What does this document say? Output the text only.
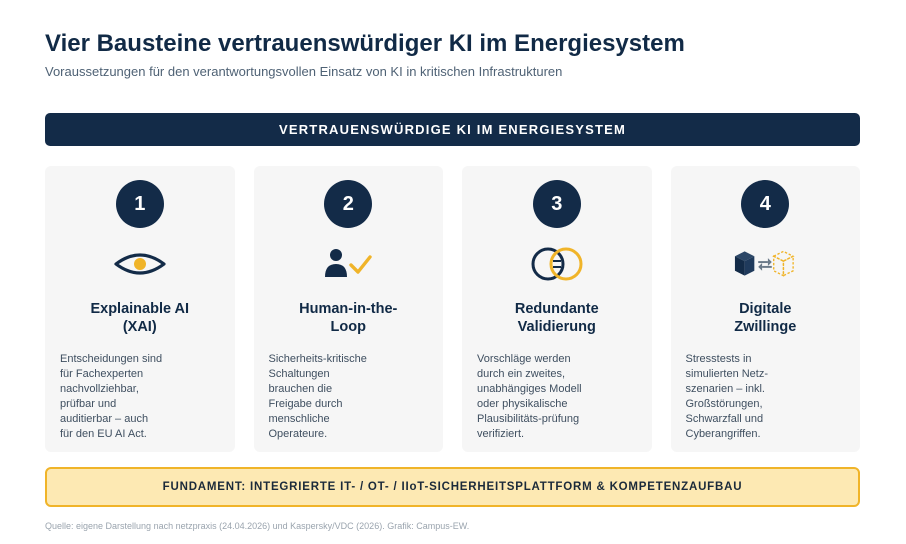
Vier Bausteine vertrauenswürdiger KI im Energiesystem
Voraussetzungen für den verantwortungsvollen Einsatz von KI in kritischen Infrastrukturen
VERTRAUENSWÜRDIGE KI IM ENERGIESYSTEM
1
Explainable AI
(XAI)
Entscheidungen sind
für Fachexperten
nachvollziehbar,
prüfbar und
auditierbar – auch
für den EU AI Act.
2
Human-in-the-
Loop
Sicherheits-kritische
Schaltungen
brauchen die
Freigabe durch
menschliche
Operateure.
3
Redundante
Validierung
Vorschläge werden
durch ein zweites,
unabhängiges Modell
oder physikalische
Plausibilitäts-prüfung
verifiziert.
4
Digitale
Zwillinge
Stresstests in
simulierten Netz-
szenarien – inkl.
Großstörungen,
Schwarzfall und
Cyberangriffen.
FUNDAMENT: INTEGRIERTE IT- / OT- / IIoT-SICHERHEITSPLATTFORM & KOMPETENZAUFBAU
Quelle: eigene Darstellung nach netzpraxis (24.04.2026) und Kaspersky/VDC (2026). Grafik: Campus-EW.
